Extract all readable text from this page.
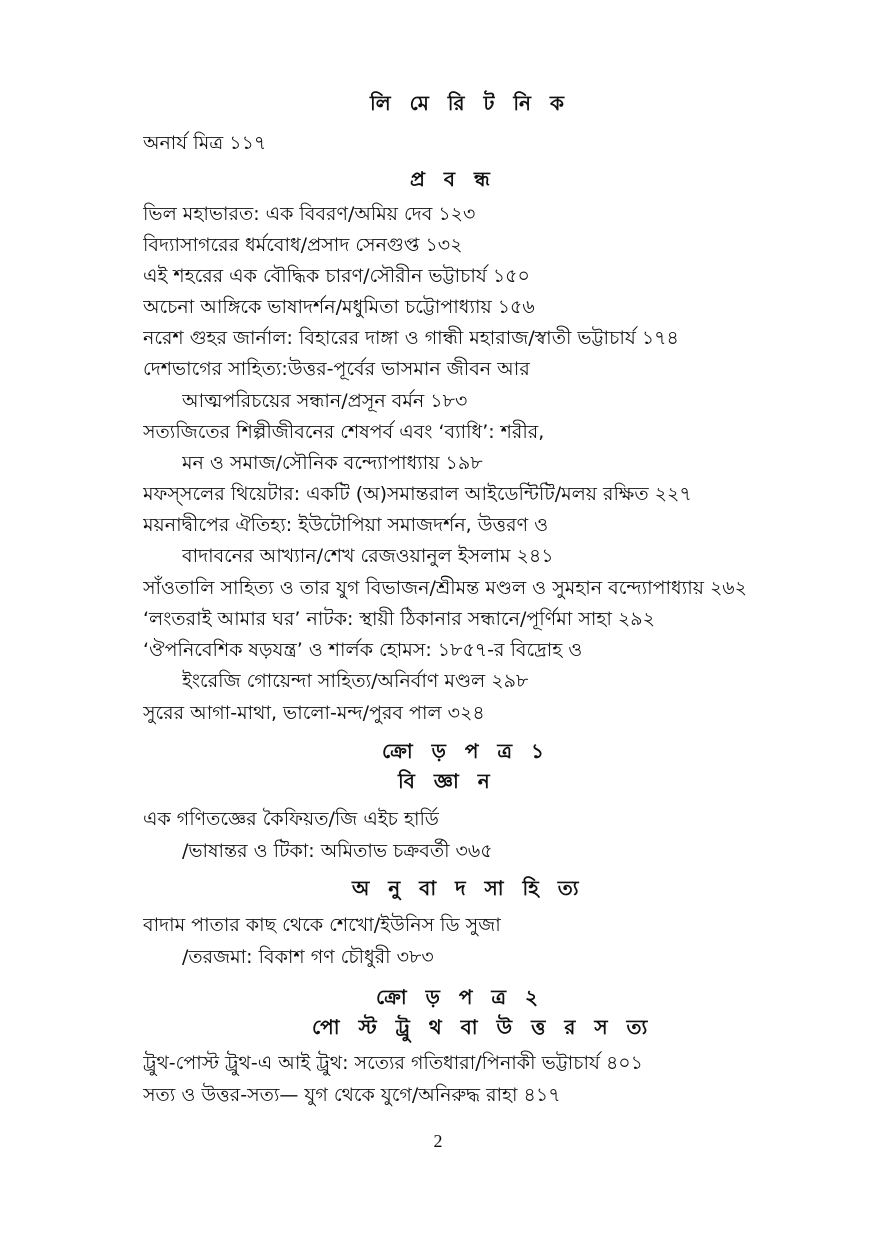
লি মে রি ট নি ক
অনার্য মিত্র ১১৭
প্র ব ন্ধ
ভিল মহাভারত: এক বিবরণ/অমিয় দেব ১২৩
বিদ্যাসাগরের ধর্মবোধ/প্রসাদ সেনগুপ্ত ১৩২
এই শহরের এক বৌদ্ধিক চারণ/সৌরীন ভট্টাচার্য ১৫০
অচেনা আঙ্গিকে ভাষাদর্শন/মধুমিতা চট্টোপাধ্যায় ১৫৬
নরেশ গুহর জার্নাল: বিহারের দাঙ্গা ও গান্ধী মহারাজ/স্বাতী ভট্টাচার্য ১৭৪
দেশভাগের সাহিত্য:উত্তর-পূর্বের ভাসমান জীবন আর
আত্মপরিচয়ের সন্ধান/প্রসূন বর্মন ১৮৩
সত্যজিতের শিল্পীজীবনের শেষপর্ব এবং ‘ব্যাধি’: শরীর,
মন ও সমাজ/সৌনিক বন্দ্যোপাধ্যায় ১৯৮
মফস্‌সলের থিয়েটার: একটি (অ)সমান্তরাল আইডেন্টিটি/মলয় রক্ষিত ২২৭
ময়নাদ্বীপের ঐতিহ্য: ইউটোপিয়া সমাজদর্শন, উত্তরণ ও
বাদাবনের আখ্যান/শেখ রেজওয়ানুল ইসলাম ২৪১
সাঁওতালি সাহিত্য ও তার যুগ বিভাজন/শ্রীমন্ত মণ্ডল ও সুমহান বন্দ্যোপাধ্যায় ২৬২
‘লংতরাই আমার ঘর’ নাটক: স্থায়ী ঠিকানার সন্ধানে/পূর্ণিমা সাহা ২৯২
‘ঔপনিবেশিক ষড়যন্ত্র’ ও শার্লক হোমস: ১৮৫৭-র বিদ্রোহ ও
ইংরেজি গোয়েন্দা সাহিত্য/অনির্বাণ মণ্ডল ২৯৮
সুরের আগা-মাথা, ভালো-মন্দ/পুরব পাল ৩২৪
ক্রো ড় প ত্র ১
বি জ্ঞা ন
এক গণিতজ্ঞের কৈফিয়ত/জি এইচ হার্ডি
/ভাষান্তর ও টিকা: অমিতাভ চক্রবর্তী ৩৬৫
অ নু বা দ সা হি ত্য
বাদাম পাতার কাছ থেকে শেখো/ইউনিস ডি সুজা
/তরজমা: বিকাশ গণ চৌধুরী ৩৮৩
ক্রো ড় প ত্র ২
পো স্ট ট্রু থ বা উ ত্ত র স ত্য
ট্রুথ-পোস্ট ট্রুথ-এ আই ট্রুথ: সত্যের গতিধারা/পিনাকী ভট্টাচার্য ৪০১
সত্য ও উত্তর-সত্য— যুগ থেকে যুগে/অনিরুদ্ধ রাহা ৪১৭
2
